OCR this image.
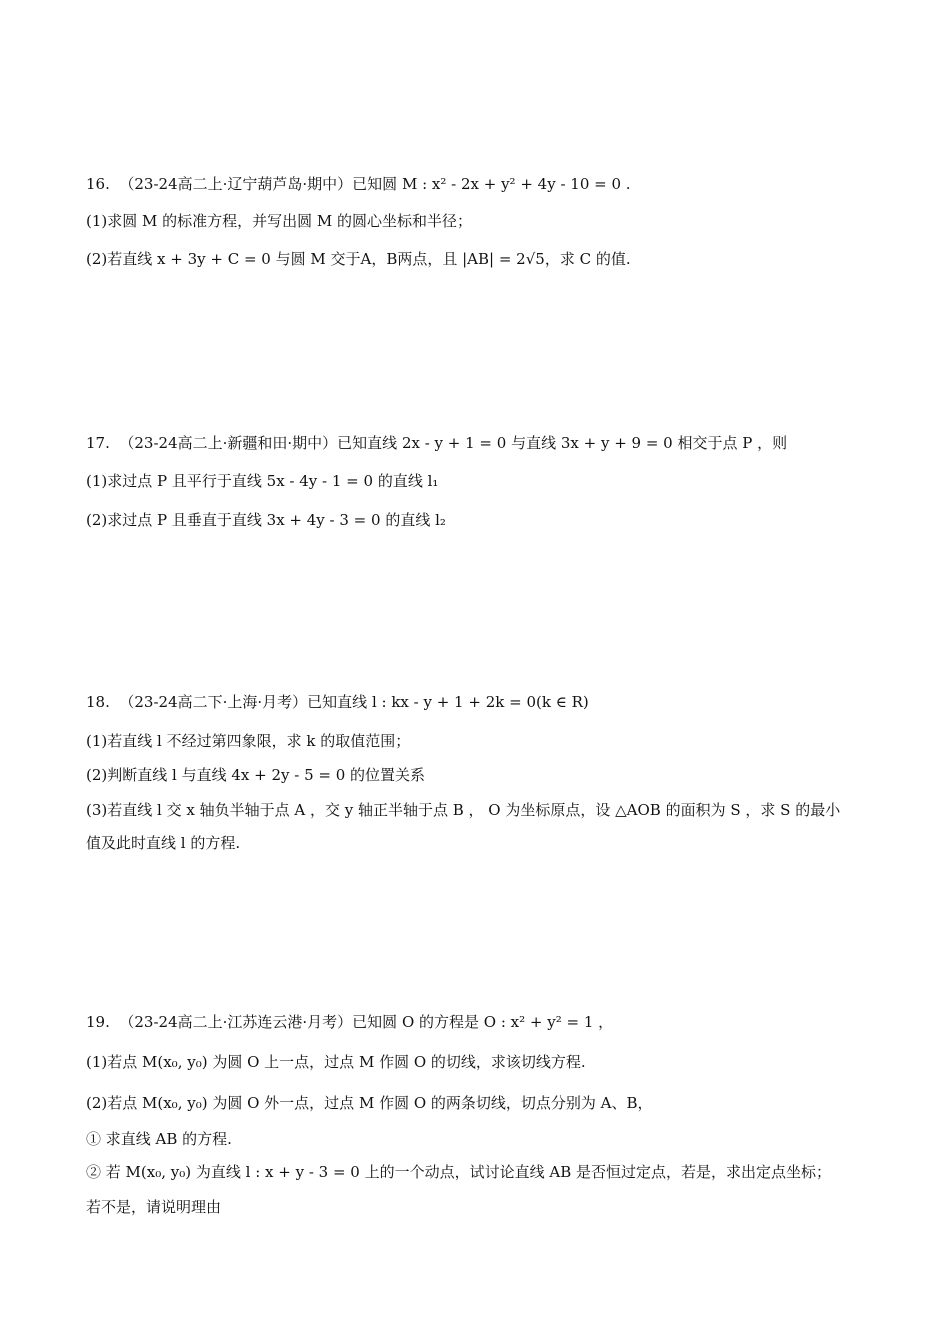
16.  （23-24高二上·辽宁葫芦岛·期中）已知圆 M : x² - 2x + y² + 4y - 10 = 0 .
(1)求圆 M 的标准方程，并写出圆 M 的圆心坐标和半径；
(2)若直线 x + 3y + C = 0 与圆 M 交于A，B两点，且 |AB| = 2√5，求 C 的值.
17.  （23-24高二上·新疆和田·期中）已知直线 2x - y + 1 = 0 与直线 3x + y + 9 = 0 相交于点 P ，则
(1)求过点 P 且平行于直线 5x - 4y - 1 = 0 的直线 l₁
(2)求过点 P 且垂直于直线 3x + 4y - 3 = 0 的直线 l₂
18.  （23-24高二下·上海·月考）已知直线 l : kx - y + 1 + 2k = 0(k ∈ R)
(1)若直线 l 不经过第四象限，求 k 的取值范围；
(2)判断直线 l 与直线 4x + 2y - 5 = 0 的位置关系
(3)若直线 l 交 x 轴负半轴于点 A ，交 y 轴正半轴于点 B ， O 为坐标原点，设 △AOB 的面积为 S ，求 S 的最小
值及此时直线 l 的方程.
19.  （23-24高二上·江苏连云港·月考）已知圆 O 的方程是 O : x² + y² = 1 ，
(1)若点 M(x₀, y₀) 为圆 O 上一点，过点 M 作圆 O 的切线，求该切线方程.
(2)若点 M(x₀, y₀) 为圆 O 外一点，过点 M 作圆 O 的两条切线，切点分别为 A、B，
① 求直线 AB 的方程.
② 若 M(x₀, y₀) 为直线 l : x + y - 3 = 0 上的一个动点，试讨论直线 AB 是否恒过定点，若是，求出定点坐标；
若不是，请说明理由
